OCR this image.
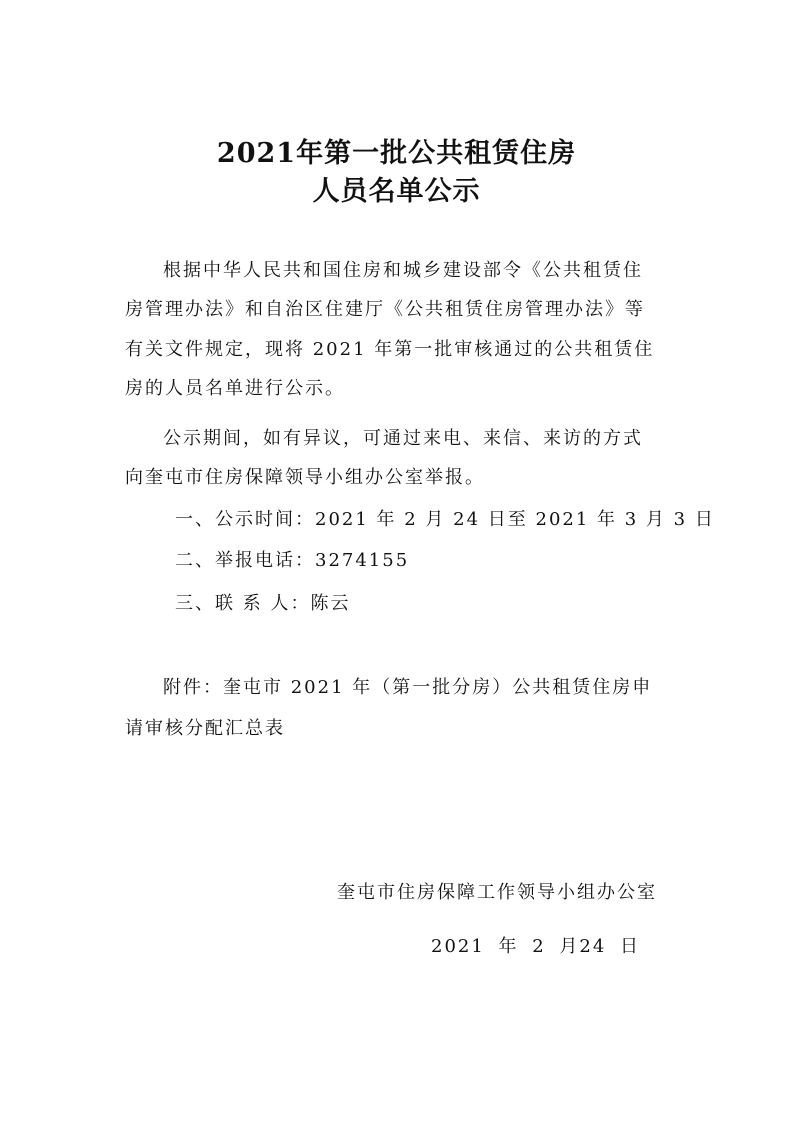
2021年第一批公共租赁住房
人员名单公示
根据中华人民共和国住房和城乡建设部令《公共租赁住
房管理办法》和自治区住建厅《公共租赁住房管理办法》等
有关文件规定，现将 2021 年第一批审核通过的公共租赁住
房的人员名单进行公示。
公示期间，如有异议，可通过来电、来信、来访的方式
向奎屯市住房保障领导小组办公室举报。
一、公示时间：2021 年 2 月 24 日至 2021 年 3 月 3 日
二、举报电话：3274155
三、联 系 人：陈云
附件：奎屯市 2021 年（第一批分房）公共租赁住房申
请审核分配汇总表
奎屯市住房保障工作领导小组办公室
2021 年 2 月24 日
